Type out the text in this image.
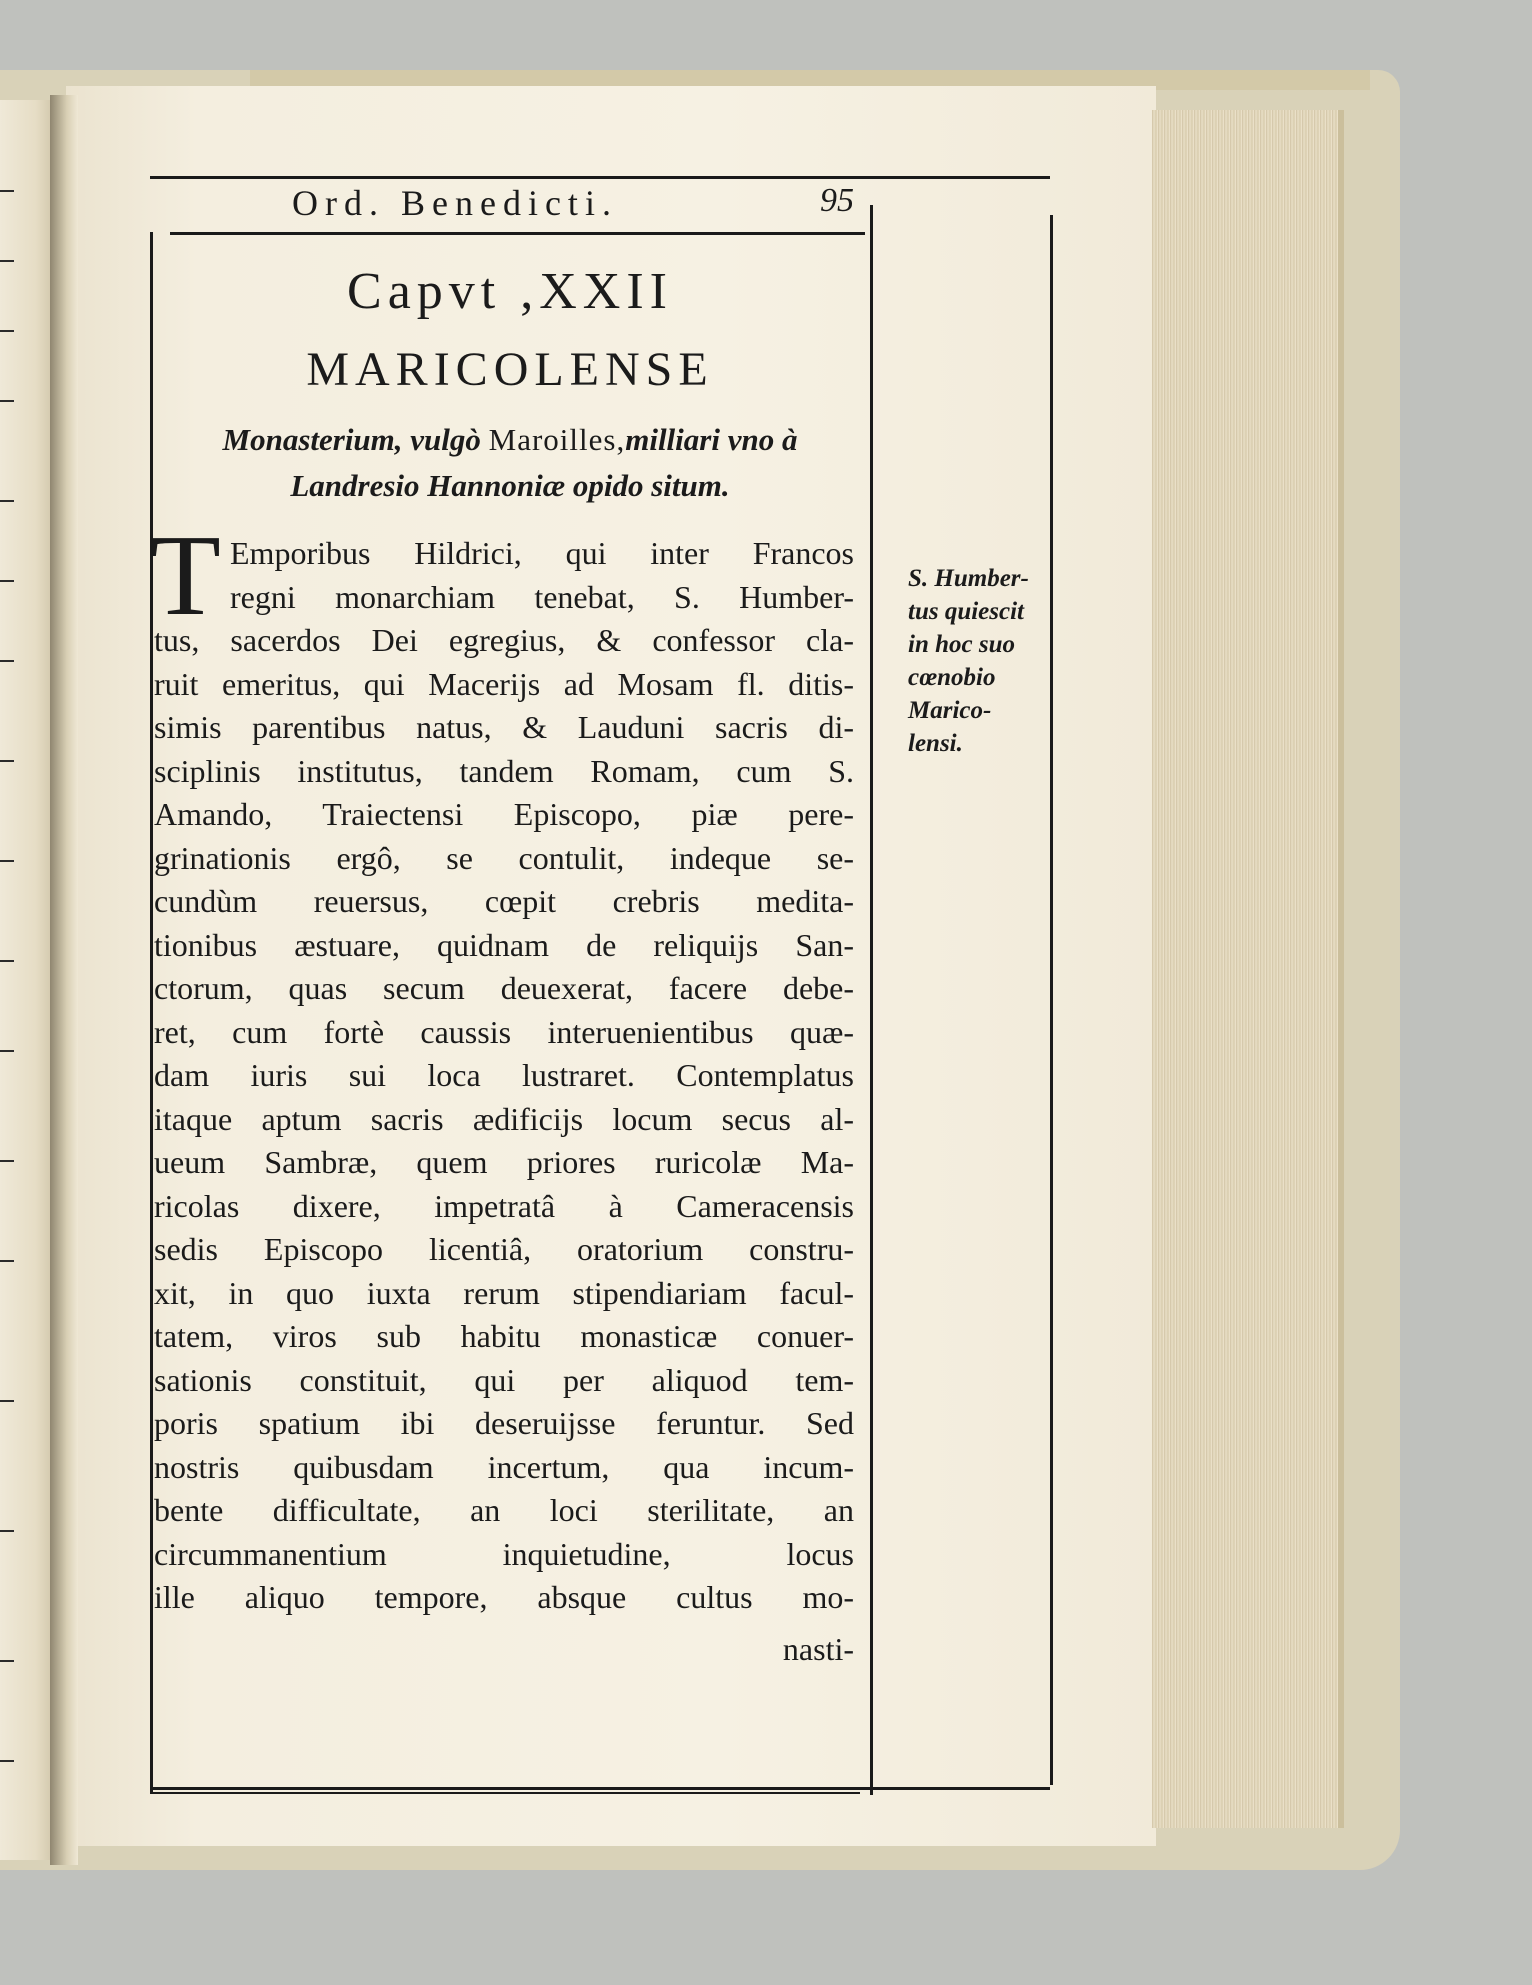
Ord. Benedicti.	95
Capvt ,XXII
MARICOLENSE
Monasterium, vulgò Maroilles,milliari vno à
Landresio Hannoniæ opido situm.
T Emporibus Hildrici, qui inter Francos
regni monarchiam tenebat, S. Humber-
tus, sacerdos Dei egregius, & confessor cla-
ruit emeritus, qui Macerijs ad Mosam fl. ditis-
simis parentibus natus, & Lauduni sacris di-
sciplinis institutus, tandem Romam, cum S.
Amando, Traiectensi Episcopo, piæ pere-
grinationis ergô, se contulit, indeque se-
cundùm reuersus, cœpit crebris medita-
tionibus æstuare, quidnam de reliquijs San-
ctorum, quas secum deuexerat, facere debe-
ret, cum fortè caussis interuenientibus quæ-
dam iuris sui loca lustraret. Contemplatus
itaque aptum sacris ædificijs locum secus al-
ueum Sambræ, quem priores ruricolæ Ma-
ricolas dixere, impetratâ à Cameracensis
sedis Episcopo licentiâ, oratorium constru-
xit, in quo iuxta rerum stipendiariam facul-
tatem, viros sub habitu monasticæ conuer-
sationis constituit, qui per aliquod tem-
poris spatium ibi deseruijsse feruntur. Sed
nostris quibusdam incertum, qua incum-
bente difficultate, an loci sterilitate, an
circummanentium inquietudine, locus
ille aliquo tempore, absque cultus mo-
nasti-
S. Humber-
tus quiescit
in hoc suo
cœnobio
Marico-
lensi.
